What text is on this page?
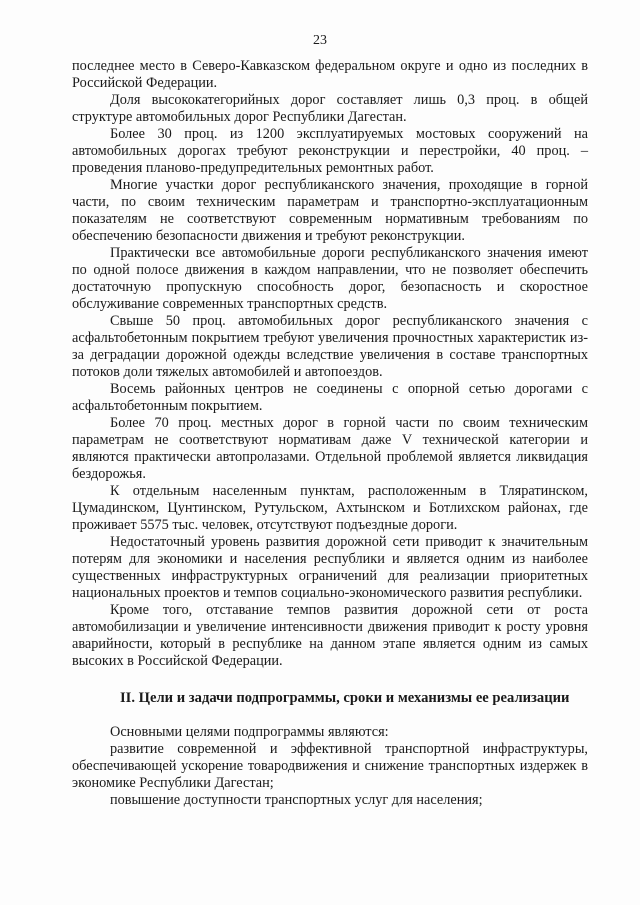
23

последнее место в Северо-Кавказском федеральном округе и одно из последних в Российской Федерации.

Доля высококатегорийных дорог составляет лишь 0,3 проц. в общей структуре автомобильных дорог Республики Дагестан.

Более 30 проц. из 1200 эксплуатируемых мостовых сооружений на автомобильных дорогах требуют реконструкции и перестройки, 40 проц. – проведения планово-предупредительных ремонтных работ.

Многие участки дорог республиканского значения, проходящие в горной части, по своим техническим параметрам и транспортно-эксплуатационным показателям не соответствуют современным нормативным требованиям по обеспечению безопасности движения и требуют реконструкции.

Практически все автомобильные дороги республиканского значения имеют по одной полосе движения в каждом направлении, что не позволяет обеспечить достаточную пропускную способность дорог, безопасность и скоростное обслуживание современных транспортных средств.

Свыше 50 проц. автомобильных дорог республиканского значения с асфальтобетонным покрытием требуют увеличения прочностных характеристик из-за деградации дорожной одежды вследствие увеличения в составе транспортных потоков доли тяжелых автомобилей и автопоездов.

Восемь районных центров не соединены с опорной сетью дорогами с асфальтобетонным покрытием.

Более 70 проц. местных дорог в горной части по своим техническим параметрам не соответствуют нормативам даже V технической категории и являются практически автопролазами. Отдельной проблемой является ликвидация бездорожья.

К отдельным населенным пунктам, расположенным в Тляратинском, Цумадинском, Цунтинском, Рутульском, Ахтынском и Ботлихском районах, где проживает 5575 тыс. человек, отсутствуют подъездные дороги.

Недостаточный уровень развития дорожной сети приводит к значительным потерям для экономики и населения республики и является одним из наиболее существенных инфраструктурных ограничений для реализации приоритетных национальных проектов и темпов социально-экономического развития республики.

Кроме того, отставание темпов развития дорожной сети от роста автомобилизации и увеличение интенсивности движения приводит к росту уровня аварийности, который в республике на данном этапе является одним из самых высоких в Российской Федерации.

II. Цели и задачи подпрограммы, сроки и механизмы ее реализации

Основными целями подпрограммы являются:

развитие современной и эффективной транспортной инфраструктуры, обеспечивающей ускорение товародвижения и снижение транспортных издержек в экономике Республики Дагестан;

повышение доступности транспортных услуг для населения;
